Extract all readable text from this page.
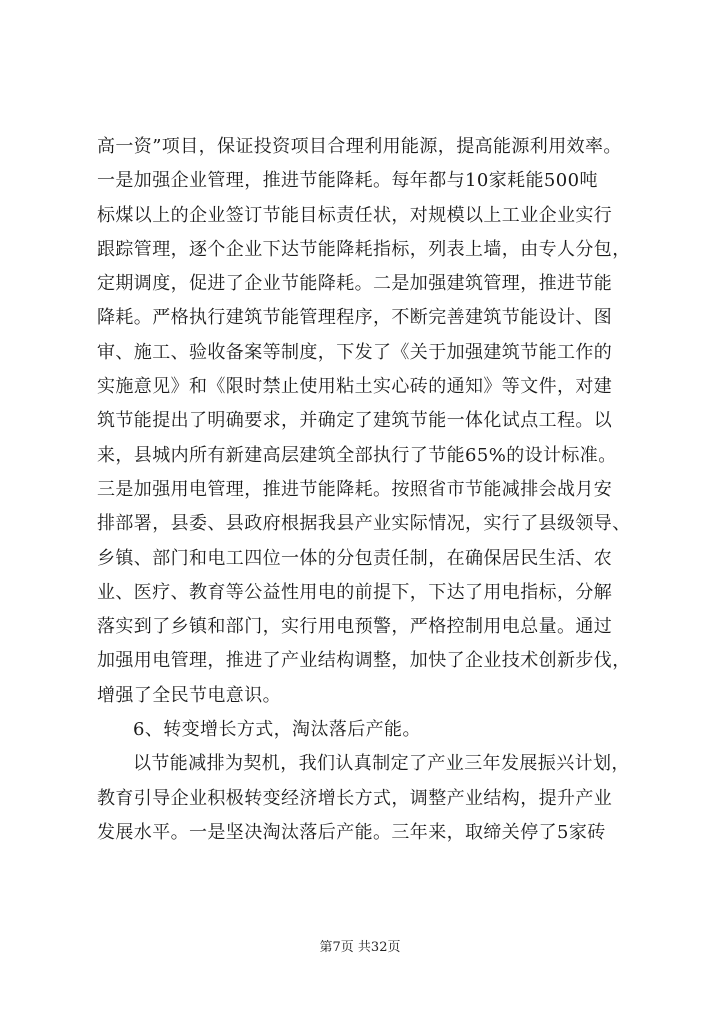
高一资”项目，保证投资项目合理利用能源，提高能源利用效率。
一是加强企业管理，推进节能降耗。每年都与10家耗能500吨
标煤以上的企业签订节能目标责任状，对规模以上工业企业实行
跟踪管理，逐个企业下达节能降耗指标，列表上墙，由专人分包，
定期调度，促进了企业节能降耗。二是加强建筑管理，推进节能
降耗。严格执行建筑节能管理程序，不断完善建筑节能设计、图
审、施工、验收备案等制度，下发了《关于加强建筑节能工作的
实施意见》和《限时禁止使用粘土实心砖的通知》等文件，对建
筑节能提出了明确要求，并确定了建筑节能一体化试点工程。以
来，县城内所有新建高层建筑全部执行了节能65%的设计标准。
三是加强用电管理，推进节能降耗。按照省市节能减排会战月安
排部署，县委、县政府根据我县产业实际情况，实行了县级领导、
乡镇、部门和电工四位一体的分包责任制，在确保居民生活、农
业、医疗、教育等公益性用电的前提下，下达了用电指标，分解
落实到了乡镇和部门，实行用电预警，严格控制用电总量。通过
加强用电管理，推进了产业结构调整，加快了企业技术创新步伐，
增强了全民节电意识。
6、转变增长方式，淘汰落后产能。
以节能减排为契机，我们认真制定了产业三年发展振兴计划，
教育引导企业积极转变经济增长方式，调整产业结构，提升产业
发展水平。一是坚决淘汰落后产能。三年来，取缔关停了5家砖
第7页 共32页
